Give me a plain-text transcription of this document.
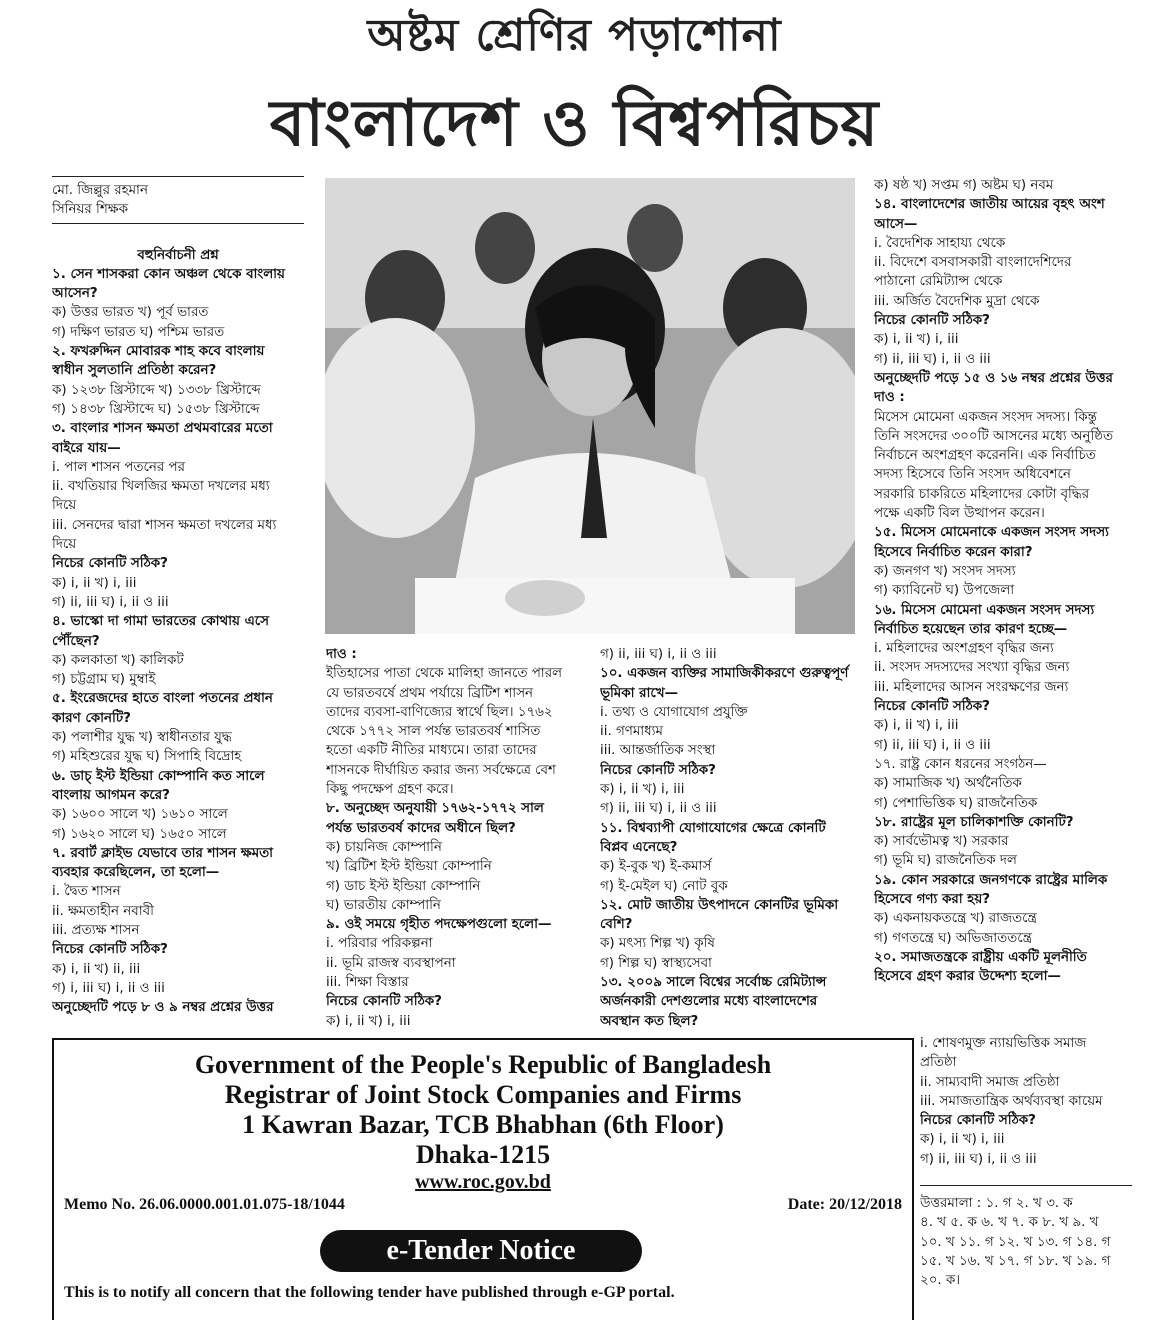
অষ্টম শ্রেণির পড়াশোনা
বাংলাদেশ ও বিশ্বপরিচয়
মো. জিল্লুর রহমান
সিনিয়র শিক্ষক
বহুনির্বাচনী প্রশ্ন
১. সেন শাসকরা কোন অঞ্চল থেকে বাংলায়
আসেন?
ক) উত্তর ভারত খ) পূর্ব ভারত
গ) দক্ষিণ ভারত ঘ) পশ্চিম ভারত
২. ফখরুদ্দিন মোবারক শাহ কবে বাংলায়
স্বাধীন সুলতানি প্রতিষ্ঠা করেন?
ক) ১২৩৮ খ্রিস্টাব্দে খ) ১৩৩৮ খ্রিস্টাব্দে
গ) ১৪৩৮ খ্রিস্টাব্দে ঘ) ১৫৩৮ খ্রিস্টাব্দে
৩. বাংলার শাসন ক্ষমতা প্রথমবারের মতো
বাইরে যায়—
i. পাল শাসন পতনের পর
ii. বখতিয়ার খিলজির ক্ষমতা দখলের মধ্য
দিয়ে
iii. সেনদের দ্বারা শাসন ক্ষমতা দখলের মধ্য
দিয়ে
নিচের কোনটি সঠিক?
ক) i, ii খ) i, iii
গ) ii, iii ঘ) i, ii ও iii
৪. ভাস্কো দা গামা ভারতের কোথায় এসে
পৌঁছেন?
ক) কলকাতা খ) কালিকট
গ) চট্টগ্রাম ঘ) মুম্বাই
৫. ইংরেজদের হাতে বাংলা পতনের প্রধান
কারণ কোনটি?
ক) পলাশীর যুদ্ধ খ) স্বাধীনতার যুদ্ধ
গ) মহিশুরের যুদ্ধ ঘ) সিপাহি বিদ্রোহ
৬. ডাচ্ ইস্ট ইন্ডিয়া কোম্পানি কত সালে
বাংলায় আগমন করে?
ক) ১৬০০ সালে খ) ১৬১০ সালে
গ) ১৬২০ সালে ঘ) ১৬৫০ সালে
৭. রবার্ট ক্লাইভ যেভাবে তার শাসন ক্ষমতা
ব্যবহার করেছিলেন, তা হলো—
i. দ্বৈত শাসন
ii. ক্ষমতাহীন নবাবী
iii. প্রত্যক্ষ শাসন
নিচের কোনটি সঠিক?
ক) i, ii খ) ii, iii
গ) i, iii ঘ) i, ii ও iii
অনুচ্ছেদটি পড়ে ৮ ও ৯ নম্বর প্রশ্নের উত্তর
দাও :
ইতিহাসের পাতা থেকে মালিহা জানতে পারল
যে ভারতবর্ষে প্রথম পর্যায়ে ব্রিটিশ শাসন
তাদের ব্যবসা-বাণিজ্যের স্বার্থে ছিল। ১৭৬২
থেকে ১৭৭২ সাল পর্যন্ত ভারতবর্ষ শাসিত
হতো একটি নীতির মাধ্যমে। তারা তাদের
শাসনকে দীর্ঘায়িত করার জন্য সর্বক্ষেত্রে বেশ
কিছু পদক্ষেপ গ্রহণ করে।
৮. অনুচ্ছেদ অনুযায়ী ১৭৬২-১৭৭২ সাল
পর্যন্ত ভারতবর্ষ কাদের অধীনে ছিল?
ক) চায়নিজ কোম্পানি
খ) ব্রিটিশ ইস্ট ইন্ডিয়া কোম্পানি
গ) ডাচ ইস্ট ইন্ডিয়া কোম্পানি
ঘ) ভারতীয় কোম্পানি
৯. ওই সময়ে গৃহীত পদক্ষেপগুলো হলো—
i. পরিবার পরিকল্পনা
ii. ভূমি রাজস্ব ব্যবস্থাপনা
iii. শিক্ষা বিস্তার
নিচের কোনটি সঠিক?
ক) i, ii খ) i, iii
গ) ii, iii ঘ) i, ii ও iii
১০. একজন ব্যক্তির সামাজিকীকরণে গুরুত্বপূর্ণ
ভূমিকা রাখে—
i. তথ্য ও যোগাযোগ প্রযুক্তি
ii. গণমাধ্যম
iii. আন্তর্জাতিক সংস্থা
নিচের কোনটি সঠিক?
ক) i, ii খ) i, iii
গ) ii, iii ঘ) i, ii ও iii
১১. বিশ্বব্যাপী যোগাযোগের ক্ষেত্রে কোনটি
বিপ্লব এনেছে?
ক) ই-বুক খ) ই-কমার্স
গ) ই-মেইল ঘ) নোট বুক
১২. মোট জাতীয় উৎপাদনে কোনটির ভূমিকা
বেশি?
ক) মৎস্য শিল্প খ) কৃষি
গ) শিল্প ঘ) স্বাস্থ্যসেবা
১৩. ২০০৯ সালে বিশ্বের সর্বোচ্চ রেমিট্যান্স
অর্জনকারী দেশগুলোর মধ্যে বাংলাদেশের
অবস্থান কত ছিল?
ক) ষষ্ঠ খ) সপ্তম গ) অষ্টম ঘ) নবম
১৪. বাংলাদেশের জাতীয় আয়ের বৃহৎ অংশ
আসে—
i. বৈদেশিক সাহায্য থেকে
ii. বিদেশে বসবাসকারী বাংলাদেশিদের
পাঠানো রেমিট্যান্স থেকে
iii. অর্জিত বৈদেশিক মুদ্রা থেকে
নিচের কোনটি সঠিক?
ক) i, ii খ) i, iii
গ) ii, iii ঘ) i, ii ও iii
অনুচ্ছেদটি পড়ে ১৫ ও ১৬ নম্বর প্রশ্নের উত্তর
দাও :
মিসেস মোমেনা একজন সংসদ সদস্য। কিন্তু
তিনি সংসদের ৩০০টি আসনের মধ্যে অনুষ্ঠিত
নির্বাচনে অংশগ্রহণ করেননি। এক নির্বাচিত
সদস্য হিসেবে তিনি সংসদ অধিবেশনে
সরকারি চাকরিতে মহিলাদের কোটা বৃদ্ধির
পক্ষে একটি বিল উত্থাপন করেন।
১৫. মিসেস মোমেনাকে একজন সংসদ সদস্য
হিসেবে নির্বাচিত করেন কারা?
ক) জনগণ খ) সংসদ সদস্য
গ) ক্যাবিনেট ঘ) উপজেলা
১৬. মিসেস মোমেনা একজন সংসদ সদস্য
নির্বাচিত হয়েছেন তার কারণ হচ্ছে—
i. মহিলাদের অংশগ্রহণ বৃদ্ধির জন্য
ii. সংসদ সদস্যদের সংখ্যা বৃদ্ধির জন্য
iii. মহিলাদের আসন সংরক্ষণের জন্য
নিচের কোনটি সঠিক?
ক) i, ii খ) i, iii
গ) ii, iii ঘ) i, ii ও iii
১৭. রাষ্ট্র কোন ধরনের সংগঠন—
ক) সামাজিক খ) অর্থনৈতিক
গ) পেশাভিত্তিক ঘ) রাজনৈতিক
১৮. রাষ্ট্রের মূল চালিকাশক্তি কোনটি?
ক) সার্বভৌমত্ব খ) সরকার
গ) ভূমি ঘ) রাজনৈতিক দল
১৯. কোন সরকারে জনগণকে রাষ্ট্রের মালিক
হিসেবে গণ্য করা হয়?
ক) একনায়কতন্ত্রে খ) রাজতন্ত্রে
গ) গণতন্ত্রে ঘ) অভিজাততন্ত্রে
২০. সমাজতন্ত্রকে রাষ্ট্রীয় একটি মূলনীতি
হিসেবে গ্রহণ করার উদ্দেশ্য হলো—
i. শোষণমুক্ত ন্যায়ভিত্তিক সমাজ
প্রতিষ্ঠা
ii. সাম্যবাদী সমাজ প্রতিষ্ঠা
iii. সমাজতান্ত্রিক অর্থব্যবস্থা কায়েম
নিচের কোনটি সঠিক?
ক) i, ii খ) i, iii
গ) ii, iii ঘ) i, ii ও iii
উত্তরমালা : ১. গ ২. খ ৩. ক
৪. খ ৫. ক ৬. খ ৭. ক ৮. খ ৯. খ
১০. খ ১১. গ ১২. খ ১৩. গ ১৪. গ
১৫. খ ১৬. খ ১৭. গ ১৮. খ ১৯. গ
২০. ক।
Government of the People's Republic of Bangladesh
Registrar of Joint Stock Companies and Firms
1 Kawran Bazar, TCB Bhabhan (6th Floor)
Dhaka-1215
www.roc.gov.bd
Memo No. 26.06.0000.001.01.075-18/1044	Date: 20/12/2018
e-Tender Notice
This is to notify all concern that the following tender have published through e-GP portal.
